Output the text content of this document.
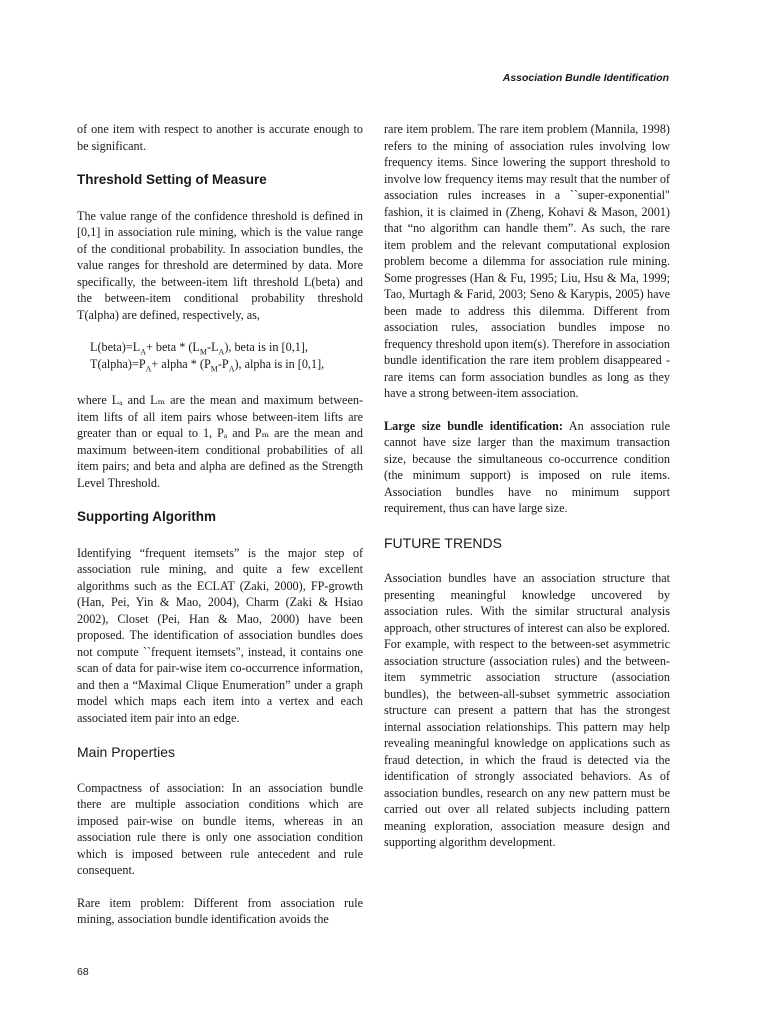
Association Bundle Identification

of one item with respect to another is accurate enough to be significant.

Threshold Setting of Measure

The value range of the confidence threshold is defined in [0,1] in association rule mining, which is the value range of the conditional probability. In association bundles, the value ranges for threshold are determined by data. More specifically, the between-item lift threshold L(beta) and the between-item conditional probability threshold T(alpha) are defined, respectively, as,

$L(beta)=L_A+$ beta * $(L_M-L_A)$, beta is in [0,1],
$T(alpha)=P_A+$ alpha * $(P_M-P_A)$, alpha is in [0,1],

where Lₐ and Lₘ are the mean and maximum between-item lifts of all item pairs whose between-item lifts are greater than or equal to 1, Pₐ and Pₘ are the mean and maximum between-item conditional probabilities of all item pairs; and beta and alpha are defined as the Strength Level Threshold.

Supporting Algorithm

Identifying “frequent itemsets” is the major step of association rule mining, and quite a few excellent algorithms such as the ECLAT (Zaki, 2000), FP-growth (Han, Pei, Yin & Mao, 2004), Charm (Zaki & Hsiao 2002), Closet (Pei, Han & Mao, 2000) have been proposed. The identification of association bundles does not compute ``frequent itemsets", instead, it contains one scan of data for pair-wise item co-occurrence information, and then a “Maximal Clique Enumeration” under a graph model which maps each item into a vertex and each associated item pair into an edge.

Main Properties

Compactness of association: In an association bundle there are multiple association conditions which are imposed pair-wise on bundle items, whereas in an association rule there is only one association condition which is imposed between rule antecedent and rule consequent.

Rare item problem: Different from association rule mining, association bundle identification avoids the

rare item problem. The rare item problem (Mannila, 1998) refers to the mining of association rules involving low frequency items. Since lowering the support threshold to involve low frequency items may result that the number of association rules increases in a ``super-exponential" fashion, it is claimed in (Zheng, Kohavi & Mason, 2001) that “no algorithm can handle them”. As such, the rare item problem and the relevant computational explosion problem become a dilemma for association rule mining. Some progresses (Han & Fu, 1995; Liu, Hsu & Ma, 1999; Tao, Murtagh & Farid, 2003; Seno & Karypis, 2005) have been made to address this dilemma. Different from association rules, association bundles impose no frequency threshold upon item(s). Therefore in association bundle identification the rare item problem disappeared - rare items can form association bundles as long as they have a strong between-item association.

Large size bundle identification: An association rule cannot have size larger than the maximum transaction size, because the simultaneous co-occurrence condition (the minimum support) is imposed on rule items. Association bundles have no minimum support requirement, thus can have large size.

FUTURE TRENDS

Association bundles have an association structure that presenting meaningful knowledge uncovered by association rules. With the similar structural analysis approach, other structures of interest can also be explored. For example, with respect to the between-set asymmetric association structure (association rules) and the between-item symmetric association structure (association bundles), the between-all-subset symmetric association structure can present a pattern that has the strongest internal association relationships. This pattern may help revealing meaningful knowledge on applications such as fraud detection, in which the fraud is detected via the identification of strongly associated behaviors. As of association bundles, research on any new pattern must be carried out over all related subjects including pattern meaning exploration, association measure design and supporting algorithm development.

68
